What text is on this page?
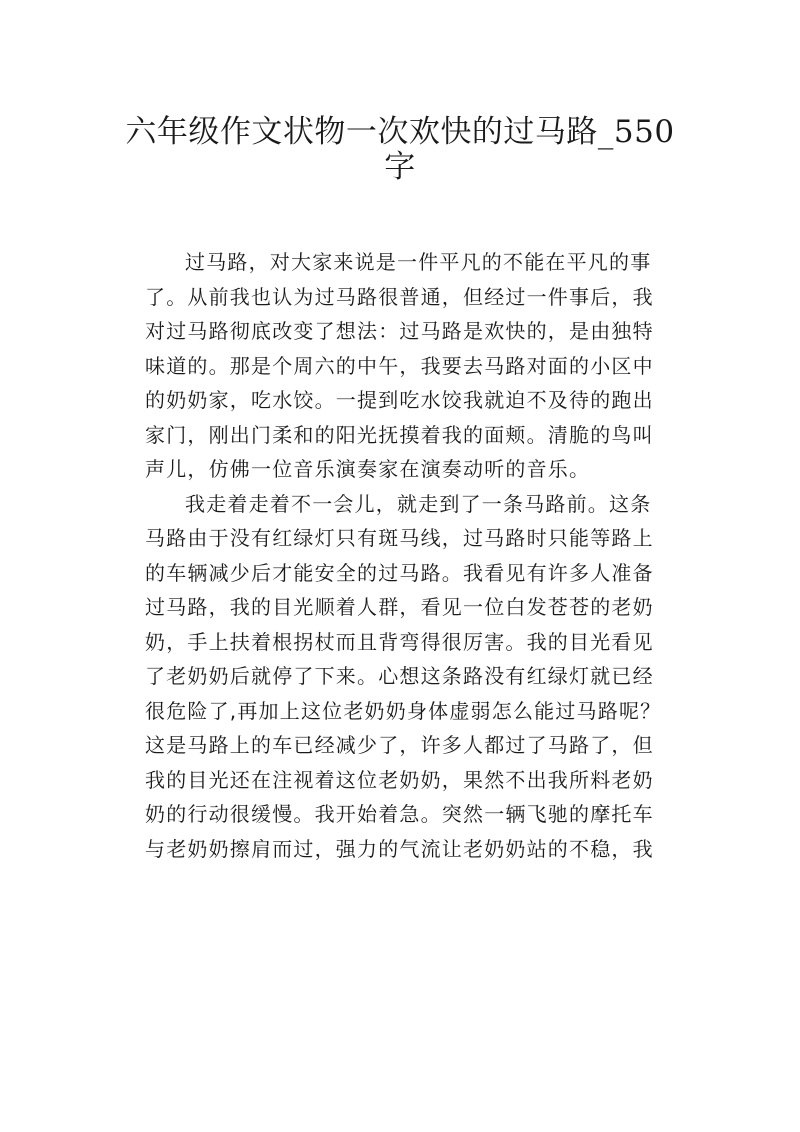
六年级作文状物一次欢快的过马路_550
字

过马路，对大家来说是一件平凡的不能在平凡的事
了。从前我也认为过马路很普通，但经过一件事后，我
对过马路彻底改变了想法：过马路是欢快的，是由独特
味道的。那是个周六的中午，我要去马路对面的小区中
的奶奶家，吃水饺。一提到吃水饺我就迫不及待的跑出
家门，刚出门柔和的阳光抚摸着我的面颊。清脆的鸟叫
声儿，仿佛一位音乐演奏家在演奏动听的音乐。

我走着走着不一会儿，就走到了一条马路前。这条
马路由于没有红绿灯只有斑马线，过马路时只能等路上
的车辆减少后才能安全的过马路。我看见有许多人准备
过马路，我的目光顺着人群，看见一位白发苍苍的老奶
奶，手上扶着根拐杖而且背弯得很厉害。我的目光看见
了老奶奶后就停了下来。心想这条路没有红绿灯就已经
很危险了,再加上这位老奶奶身体虚弱怎么能过马路呢？
这是马路上的车已经减少了，许多人都过了马路了，但
我的目光还在注视着这位老奶奶，果然不出我所料老奶
奶的行动很缓慢。我开始着急。突然一辆飞驰的摩托车
与老奶奶擦肩而过，强力的气流让老奶奶站的不稳，我
